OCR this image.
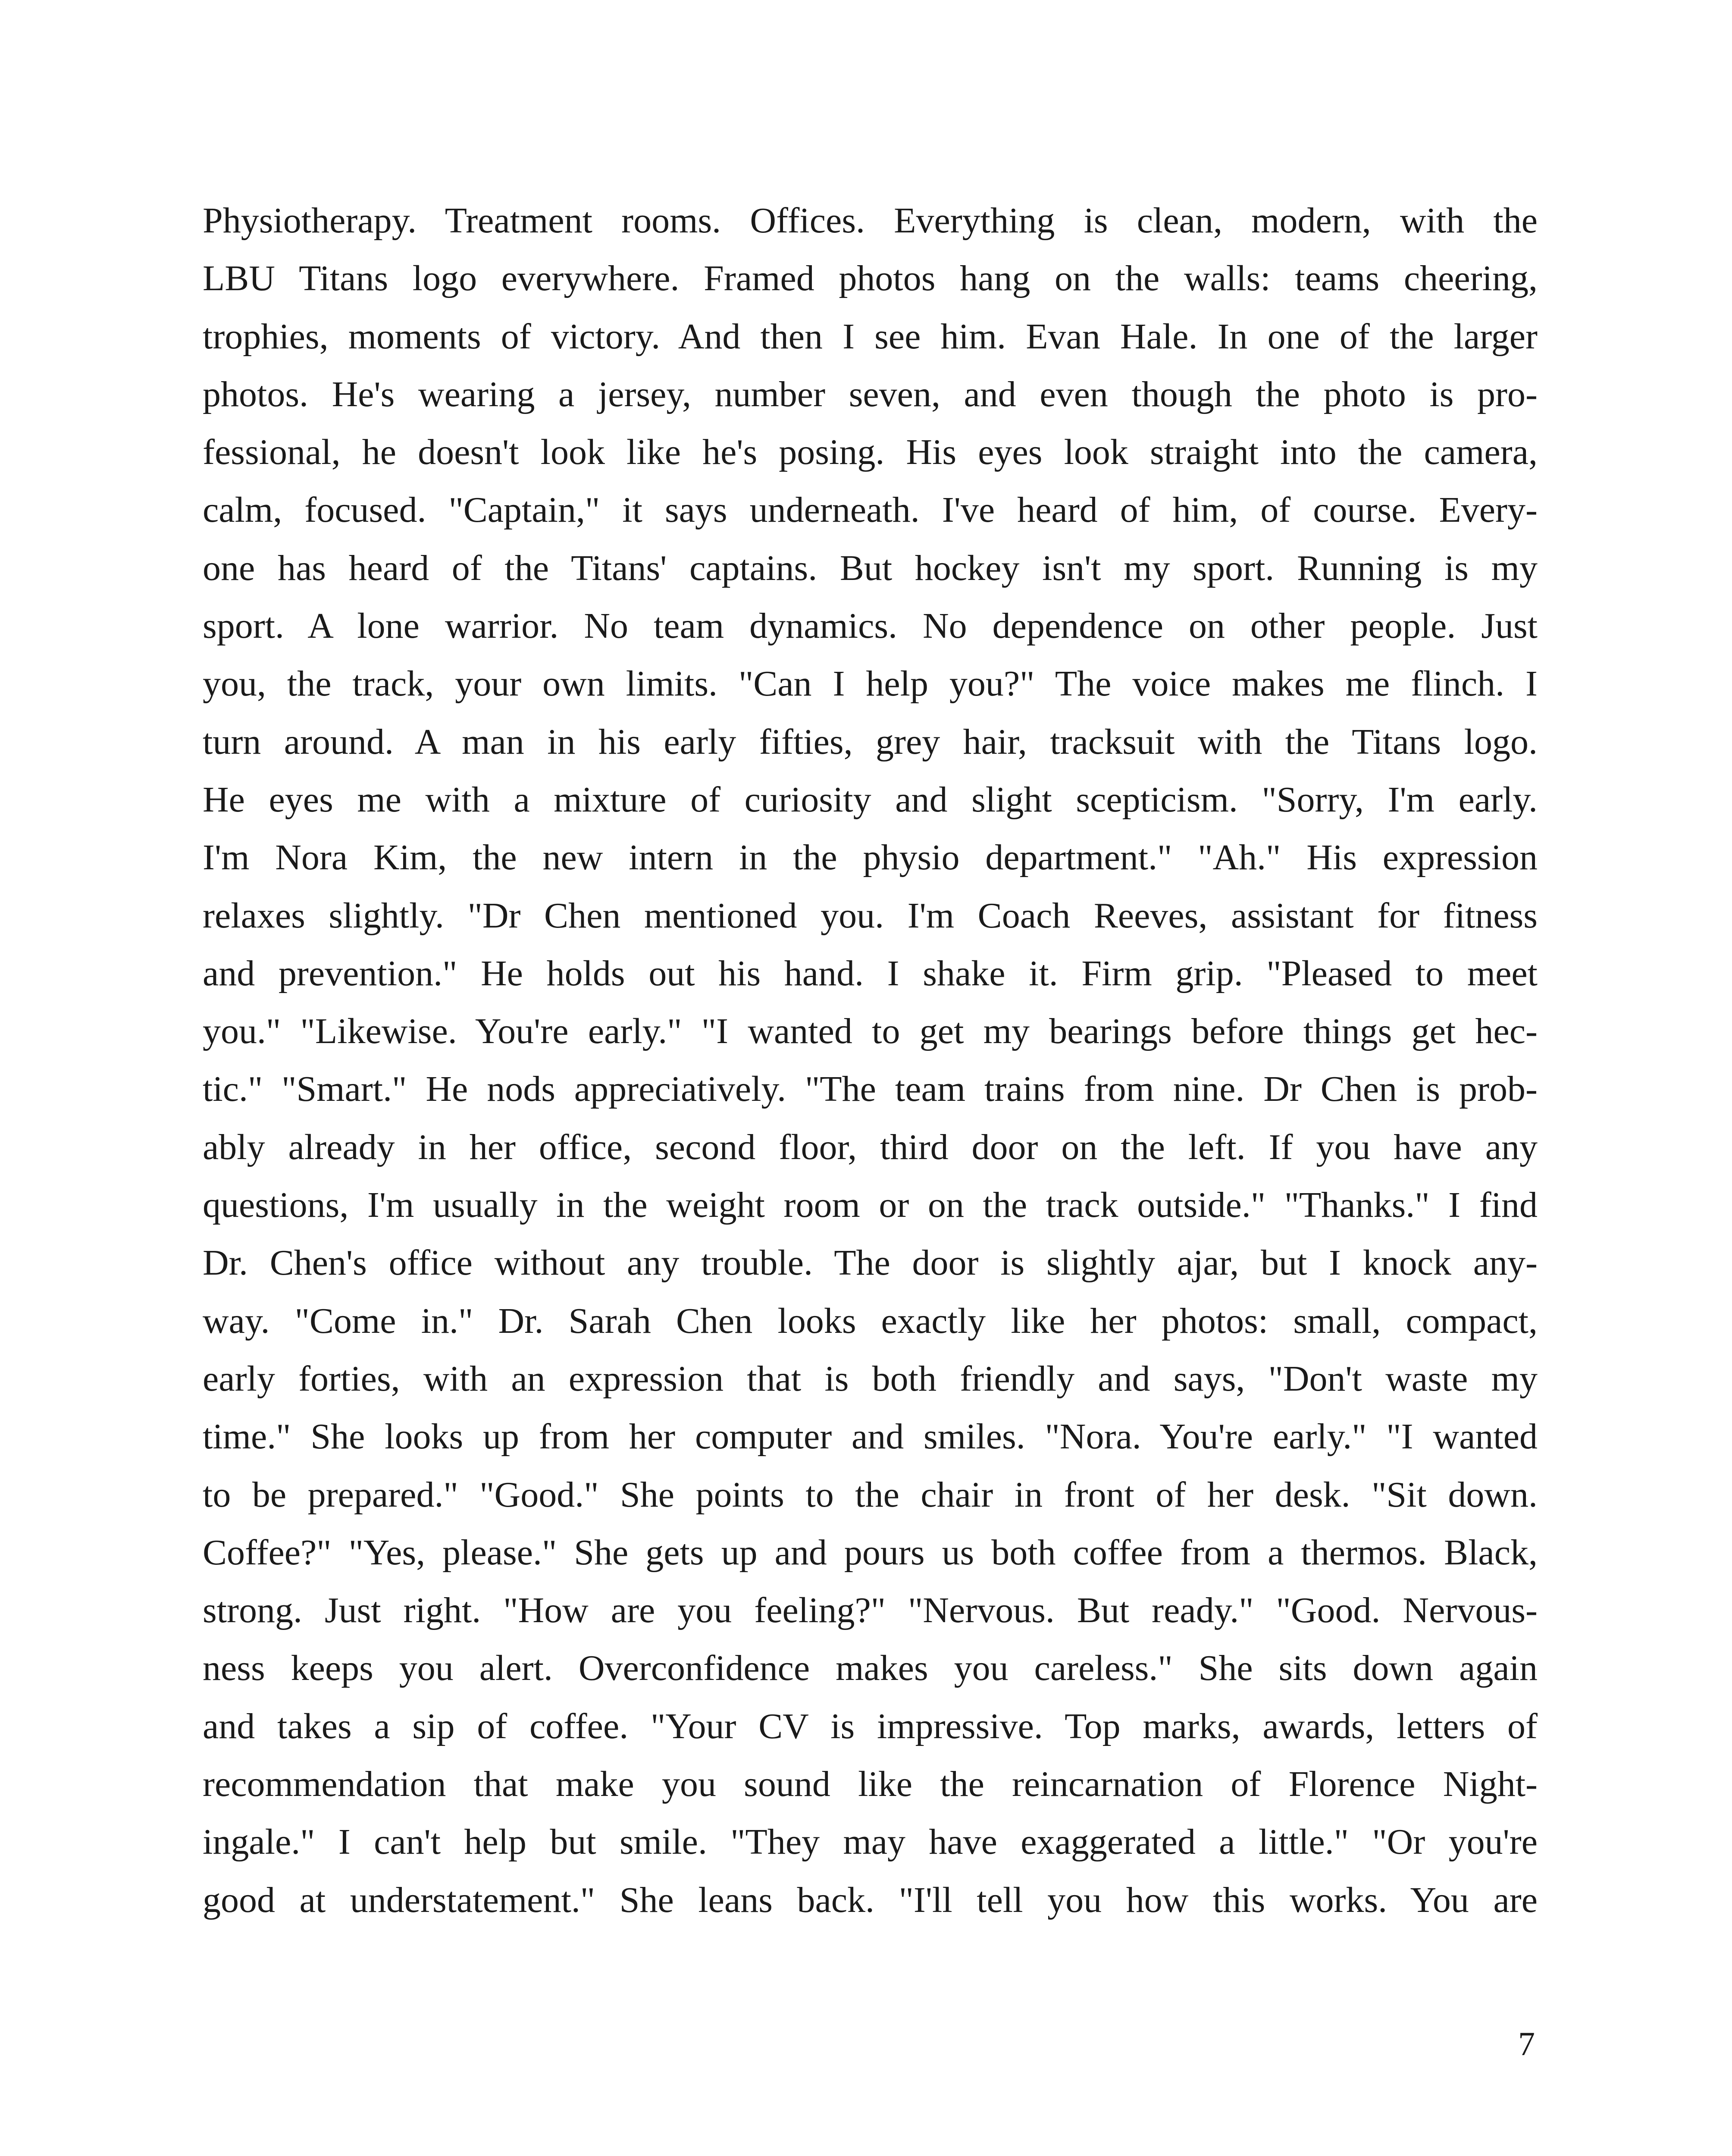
Physiotherapy. Treatment rooms. Offices. Everything is clean, modern, with the
LBU Titans logo everywhere. Framed photos hang on the walls: teams cheering,
trophies, moments of victory. And then I see him. Evan Hale. In one of the larger
photos. He's wearing a jersey, number seven, and even though the photo is pro-
fessional, he doesn't look like he's posing. His eyes look straight into the camera,
calm, focused. "Captain," it says underneath. I've heard of him, of course. Every-
one has heard of the Titans' captains. But hockey isn't my sport. Running is my
sport. A lone warrior. No team dynamics. No dependence on other people. Just
you, the track, your own limits. "Can I help you?" The voice makes me flinch. I
turn around. A man in his early fifties, grey hair, tracksuit with the Titans logo.
He eyes me with a mixture of curiosity and slight scepticism. "Sorry, I'm early.
I'm Nora Kim, the new intern in the physio department." "Ah." His expression
relaxes slightly. "Dr Chen mentioned you. I'm Coach Reeves, assistant for fitness
and prevention." He holds out his hand. I shake it. Firm grip. "Pleased to meet
you." "Likewise. You're early." "I wanted to get my bearings before things get hec-
tic." "Smart." He nods appreciatively. "The team trains from nine. Dr Chen is prob-
ably already in her office, second floor, third door on the left. If you have any
questions, I'm usually in the weight room or on the track outside." "Thanks." I find
Dr. Chen's office without any trouble. The door is slightly ajar, but I knock any-
way. "Come in." Dr. Sarah Chen looks exactly like her photos: small, compact,
early forties, with an expression that is both friendly and says, "Don't waste my
time." She looks up from her computer and smiles. "Nora. You're early." "I wanted
to be prepared." "Good." She points to the chair in front of her desk. "Sit down.
Coffee?" "Yes, please." She gets up and pours us both coffee from a thermos. Black,
strong. Just right. "How are you feeling?" "Nervous. But ready." "Good. Nervous-
ness keeps you alert. Overconfidence makes you careless." She sits down again
and takes a sip of coffee. "Your CV is impressive. Top marks, awards, letters of
recommendation that make you sound like the reincarnation of Florence Night-
ingale." I can't help but smile. "They may have exaggerated a little." "Or you're
good at understatement." She leans back. "I'll tell you how this works. You are
7
